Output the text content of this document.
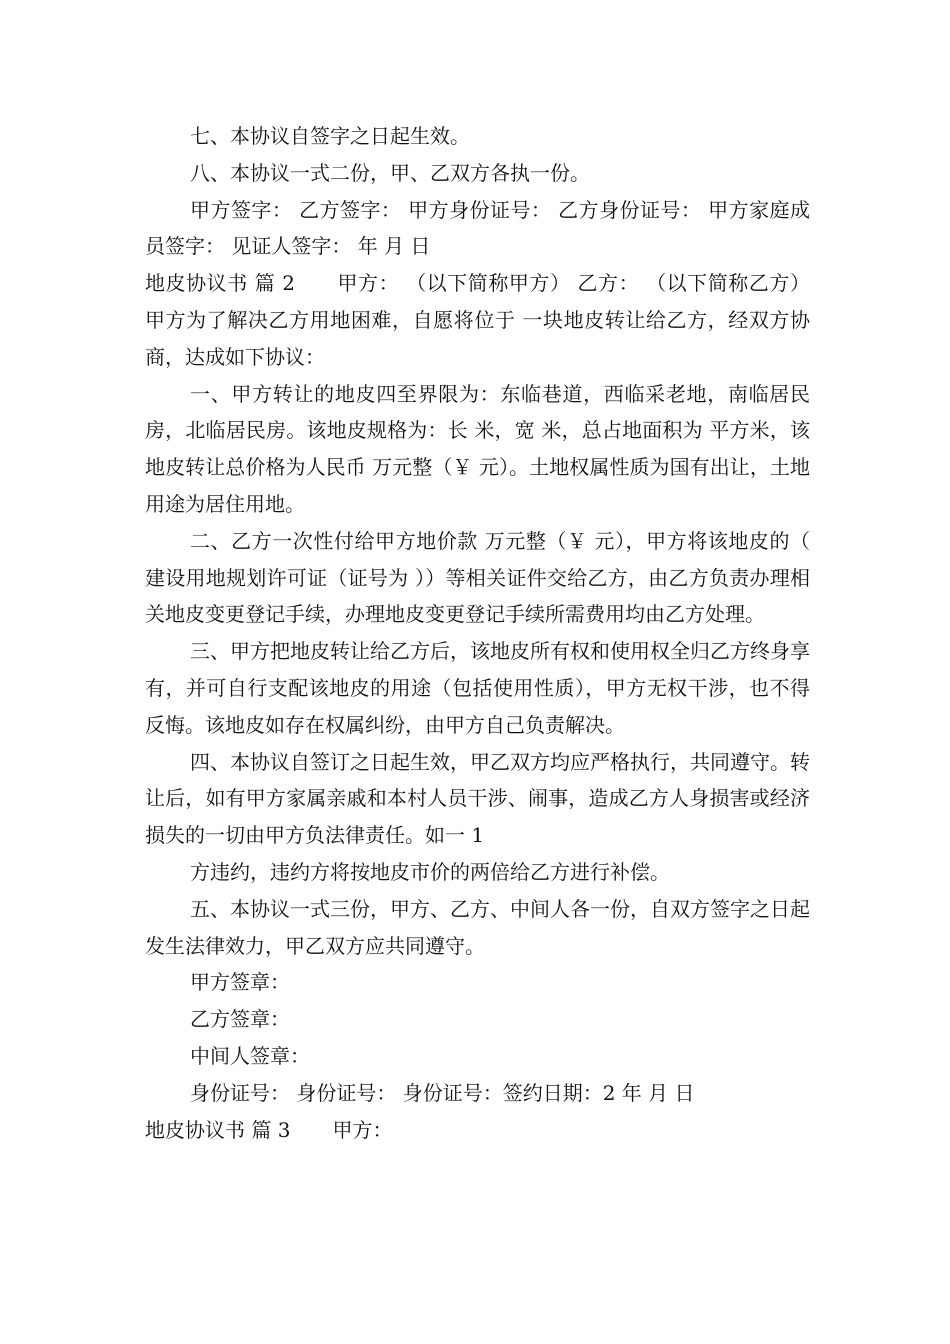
七、本协议自签字之日起生效。

八、本协议一式二份，甲、乙双方各执一份。

甲方签字： 乙方签字： 甲方身份证号： 乙方身份证号： 甲方家庭成员签字： 见证人签字： 年 月 日

地皮协议书 篇 2 甲方： （以下简称甲方） 乙方： （以下简称乙方） 甲方为了解决乙方用地困难，自愿将位于 一块地皮转让给乙方，经双方协商，达成如下协议：

一、甲方转让的地皮四至界限为：东临巷道，西临采老地，南临居民房，北临居民房。该地皮规格为：长 米，宽 米，总占地面积为 平方米，该地皮转让总价格为人民币 万元整（￥ 元）。土地权属性质为国有出让，土地用途为居住用地。

二、乙方一次性付给甲方地价款 万元整（￥ 元），甲方将该地皮的（ 建设用地规划许可证（证号为 ））等相关证件交给乙方，由乙方负责办理相关地皮变更登记手续，办理地皮变更登记手续所需费用均由乙方处理。

三、甲方把地皮转让给乙方后，该地皮所有权和使用权全归乙方终身享有，并可自行支配该地皮的用途（包括使用性质），甲方无权干涉，也不得反悔。该地皮如存在权属纠纷，由甲方自己负责解决。

四、本协议自签订之日起生效，甲乙双方均应严格执行，共同遵守。转让后，如有甲方家属亲戚和本村人员干涉、闹事，造成乙方人身损害或经济损失的一切由甲方负法律责任。如一 1

方违约，违约方将按地皮市价的两倍给乙方进行补偿。

五、本协议一式三份，甲方、乙方、中间人各一份，自双方签字之日起发生法律效力，甲乙双方应共同遵守。

甲方签章：

乙方签章：

中间人签章：

身份证号： 身份证号： 身份证号：签约日期：2 年 月 日

地皮协议书 篇 3 甲方：
